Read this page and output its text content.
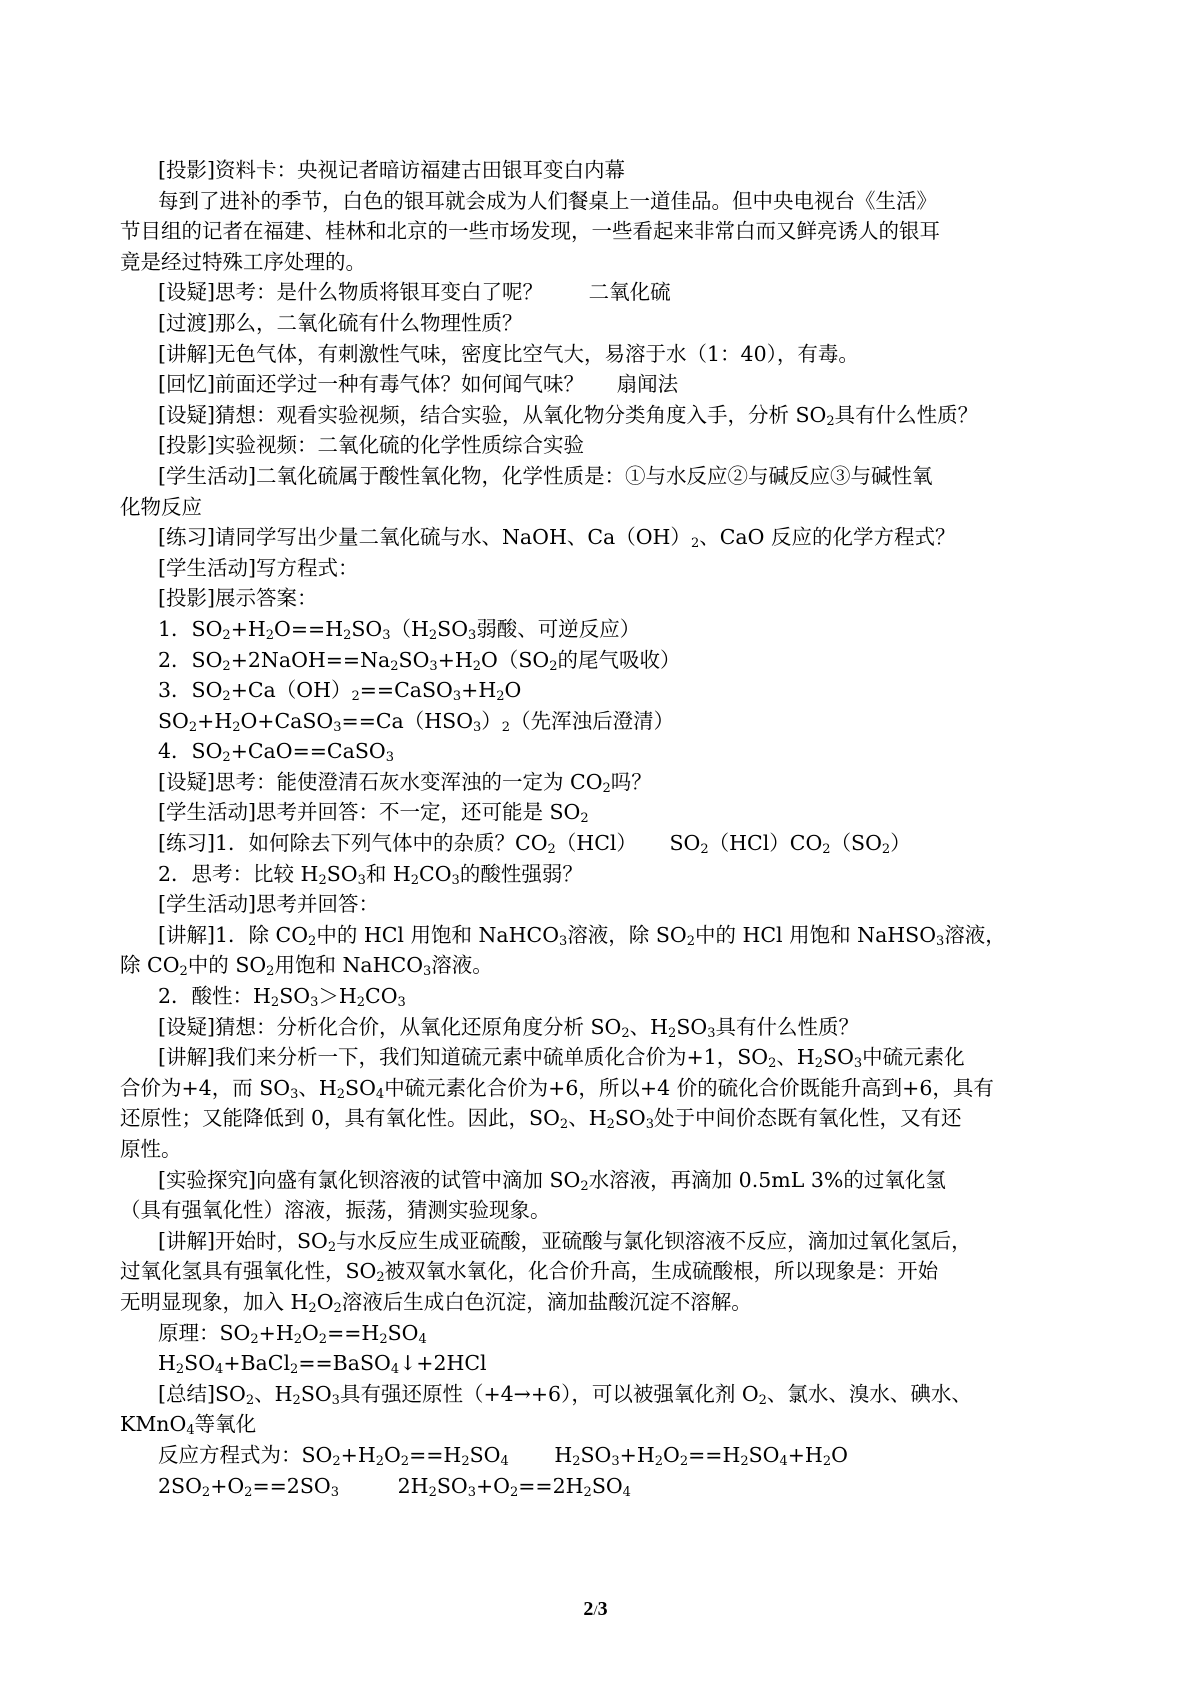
[投影]资料卡：央视记者暗访福建古田银耳变白内幕

每到了进补的季节，白色的银耳就会成为人们餐桌上一道佳品。但中央电视台《生活》

节目组的记者在福建、桂林和北京的一些市场发现，一些看起来非常白而又鲜亮诱人的银耳

竟是经过特殊工序处理的。

[设疑]思考：是什么物质将银耳变白了呢？       二氧化硫

[过渡]那么，二氧化硫有什么物理性质？

[讲解]无色气体，有刺激性气味，密度比空气大，易溶于水（1：40），有毒。

[回忆]前面还学过一种有毒气体？如何闻气味？     扇闻法

[设疑]猜想：观看实验视频，结合实验，从氧化物分类角度入手，分析 $SO_2$具有什么性质？

[投影]实验视频：二氧化硫的化学性质综合实验

[学生活动]二氧化硫属于酸性氧化物，化学性质是：①与水反应②与碱反应③与碱性氧

化物反应

[练习]请同学写出少量二氧化硫与水、NaOH、$Ca(OH)_2$、CaO 反应的化学方程式？

[学生活动]写方程式：

[投影]展示答案：

1．$SO_2+H_2O==H_2SO_3(H_2SO_3$弱酸、可逆反应）

2．$SO_2+2NaOH==Na_2SO_3+H_2O(SO_2$的尾气吸收）

3．$SO_2+Ca(OH)_2==CaSO_3+H_2O$

$SO_2+H_2O+CaSO_3==Ca(HSO_3)_2$（先浑浊后澄清）

4．$SO_2+CaO==CaSO_3$

[设疑]思考：能使澄清石灰水变浑浊的一定为 $CO_2$吗？

[学生活动]思考并回答：不一定，还可能是 $SO_2$

[练习]1．如何除去下列气体中的杂质？$CO_2(HCl)$     $SO_2(HCl)CO_2(SO_2)$

2．思考：比较 $H_2SO_3$和 $H_2CO_3$的酸性强弱？

[学生活动]思考并回答：

[讲解]1．除 $CO_2$中的 HCl 用饱和 NaHCO$_3$溶液，除 $SO_2$中的 HCl 用饱和 NaHSO$_3$溶液，

除 $CO_2$中的 $SO_2$用饱和 NaHCO$_3$溶液。

2．酸性：$H_2SO_3>H_2CO_3$

[设疑]猜想：分析化合价，从氧化还原角度分析 $SO_2$、$H_2SO_3$具有什么性质？

[讲解]我们来分析一下，我们知道硫元素中硫单质化合价为+1，$SO_2$、$H_2SO_3$中硫元素化

合价为+4，而 $SO_3$、$H_2SO_4$中硫元素化合价为+6，所以+4 价的硫化合价既能升高到+6，具有

还原性；又能降低到 0，具有氧化性。因此，$SO_2$、$H_2SO_3$处于中间价态既有氧化性，又有还

原性。

[实验探究]向盛有氯化钡溶液的试管中滴加 $SO_2$水溶液，再滴加 0.5mL 3%的过氧化氢

（具有强氧化性）溶液，振荡，猜测实验现象。

[讲解]开始时，$SO_2$与水反应生成亚硫酸，亚硫酸与氯化钡溶液不反应，滴加过氧化氢后，

过氧化氢具有强氧化性，$SO_2$被双氧水氧化，化合价升高，生成硫酸根，所以现象是：开始

无明显现象，加入 $H_2O_2$溶液后生成白色沉淀，滴加盐酸沉淀不溶解。

原理：$SO_2+H_2O_2==H_2SO_4$

$H_2SO_4+BaCl_2==BaSO_4↓+2HCl$

[总结]$SO_2$、$H_2SO_3$具有强还原性（+4→+6），可以被强氧化剂 $O_2$、氯水、溴水、碘水、

KMnO$_4$等氧化

反应方程式为：$SO_2+H_2O_2==H_2SO_4$       $H_2SO_3+H_2O_2==H_2SO_4+H_2O$

$2SO_2+O_2==2SO_3$         $2H_2SO_3+O_2==2H_2SO_4$

2/3
